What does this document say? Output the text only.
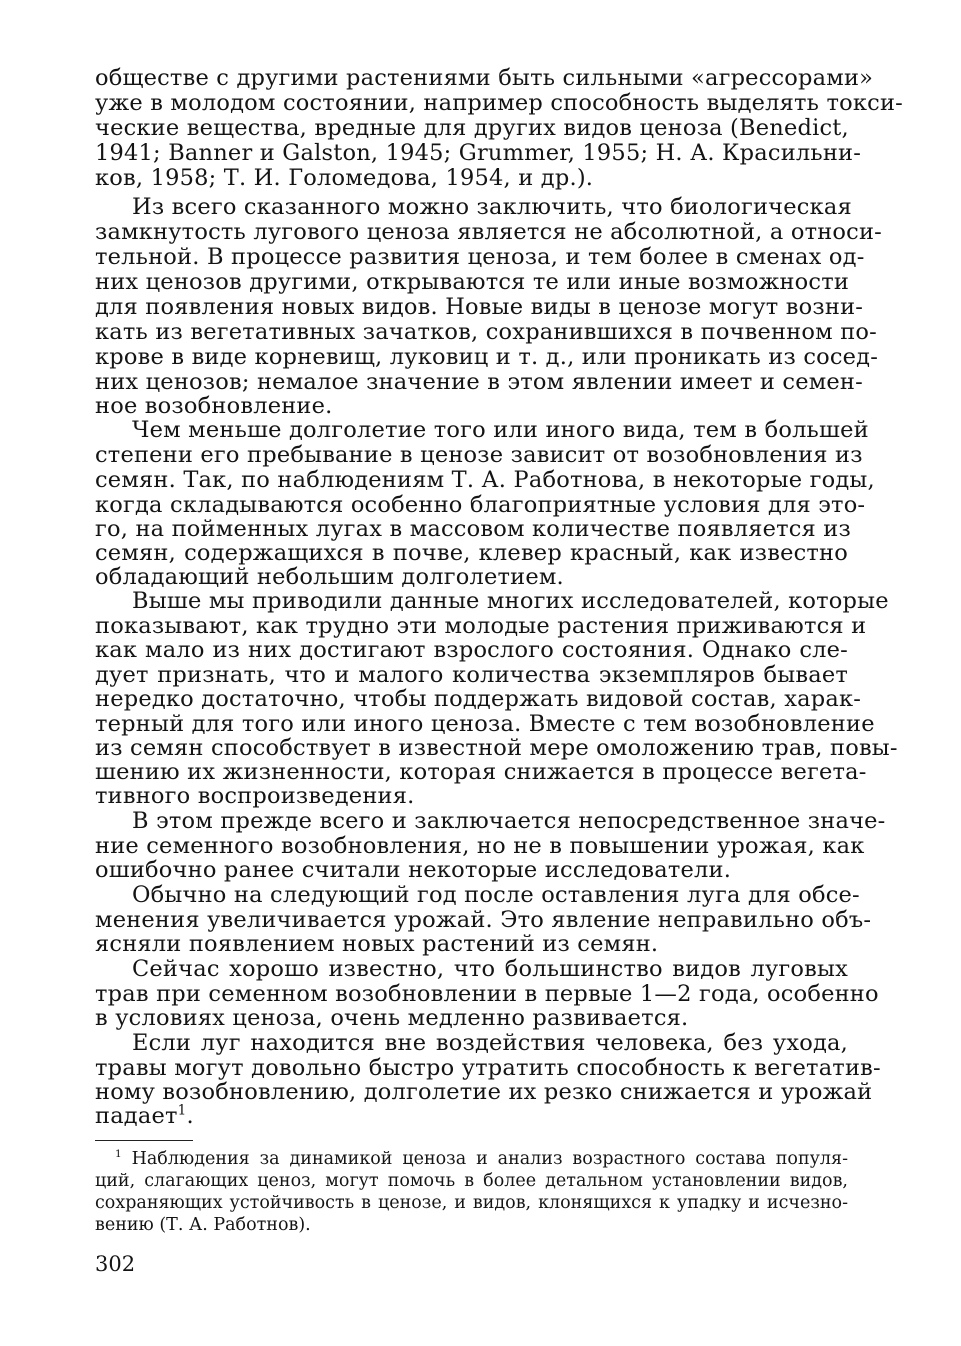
обществе с другими растениями быть сильными «агрессорами»
уже в молодом состоянии, например способность выделять токси-
ческие вещества, вредные для других видов ценоза (Benedict,
1941; Banner и Galston, 1945; Grummer, 1955; Н. А. Красильни-
ков, 1958; Т. И. Голомедова, 1954, и др.).
Из всего сказанного можно заключить, что биологическая
замкнутость лугового ценоза является не абсолютной, а относи-
тельной. В процессе развития ценоза, и тем более в сменах од-
них ценозов другими, открываются те или иные возможности
для появления новых видов. Новые виды в ценозе могут возни-
кать из вегетативных зачатков, сохранившихся в почвенном по-
крове в виде корневищ, луковиц и т. д., или проникать из сосед-
них ценозов; немалое значение в этом явлении имеет и семен-
ное возобновление.
Чем меньше долголетие того или иного вида, тем в большей
степени его пребывание в ценозе зависит от возобновления из
семян. Так, по наблюдениям Т. А. Работнова, в некоторые годы,
когда складываются особенно благоприятные условия для это-
го, на пойменных лугах в массовом количестве появляется из
семян, содержащихся в почве, клевер красный, как известно
обладающий небольшим долголетием.
Выше мы приводили данные многих исследователей, которые
показывают, как трудно эти молодые растения приживаются и
как мало из них достигают взрослого состояния. Однако сле-
дует признать, что и малого количества экземпляров бывает
нередко достаточно, чтобы поддержать видовой состав, харак-
терный для того или иного ценоза. Вместе с тем возобновление
из семян способствует в известной мере омоложению трав, повы-
шению их жизненности, которая снижается в процессе вегета-
тивного воспроизведения.
В этом прежде всего и заключается непосредственное значе-
ние семенного возобновления, но не в повышении урожая, как
ошибочно ранее считали некоторые исследователи.
Обычно на следующий год после оставления луга для обсе-
менения увеличивается урожай. Это явление неправильно объ-
ясняли появлением новых растений из семян.
Сейчас хорошо известно, что большинство видов луговых
трав при семенном возобновлении в первые 1—2 года, особенно
в условиях ценоза, очень медленно развивается.
Если луг находится вне воздействия человека, без ухода,
травы могут довольно быстро утратить способность к вегетатив-
ному возобновлению, долголетие их резко снижается и урожай
падает$^1$.
$^1$ Наблюдения за динамикой ценоза и анализ возрастного состава популя-
ций, слагающих ценоз, могут помочь в более детальном установлении видов,
сохраняющих устойчивость в ценозе, и видов, клонящихся к упадку и исчезно-
вению (Т. А. Работнов).
302
